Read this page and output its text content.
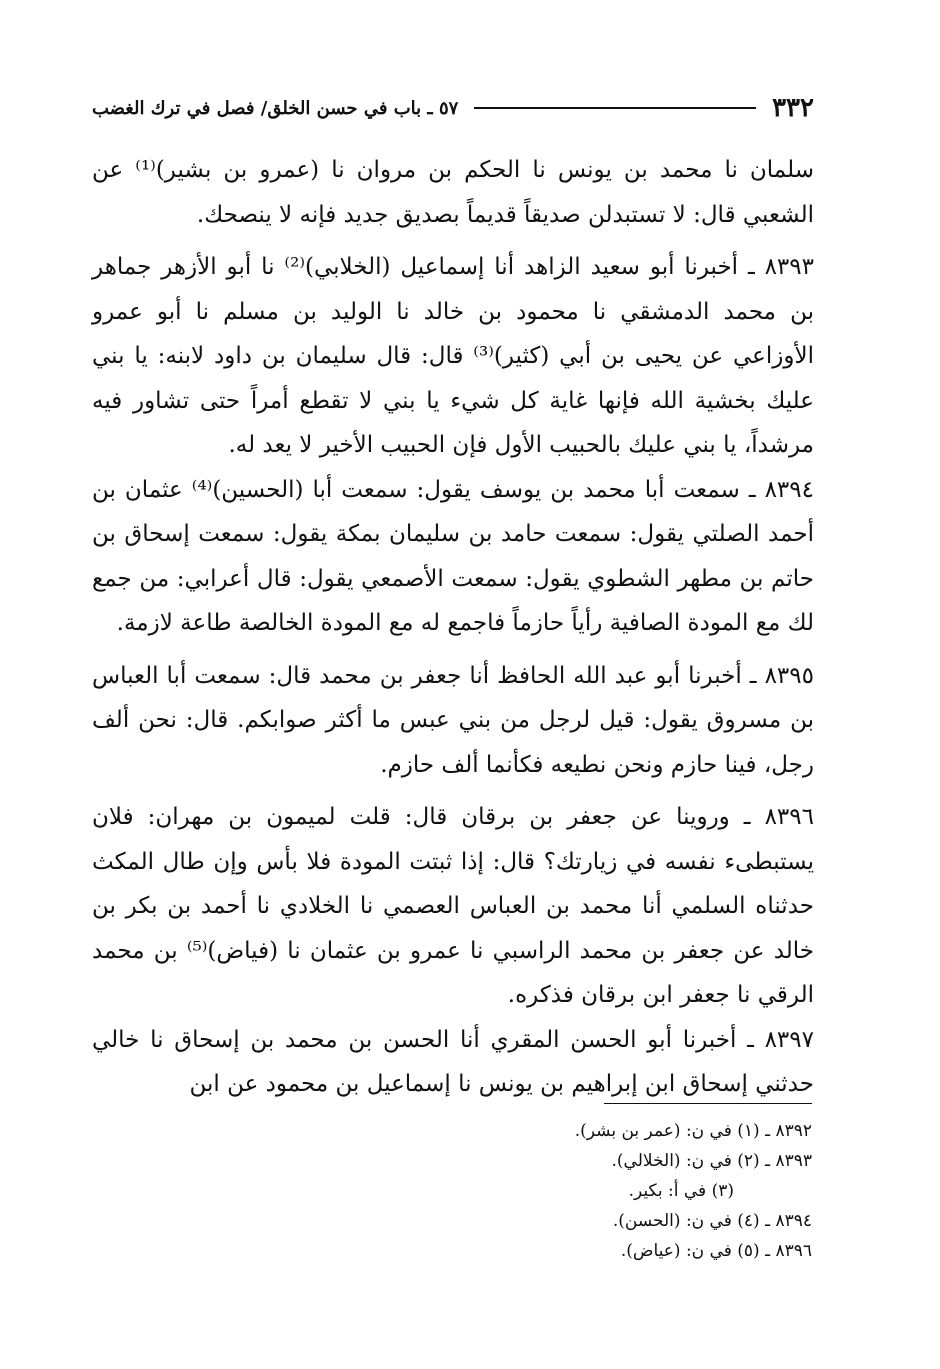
٣٣٢
٥٧ ـ باب في حسن الخلق/ فصل في ترك الغضب

سلمان نا محمد بن يونس نا الحكم بن مروان نا (عمرو بن بشير)⁽¹⁾ عن الشعبي قال: لا تستبدلن صديقاً قديماً بصديق جديد فإنه لا ينصحك.

٨٣٩٣ ـ أخبرنا أبو سعيد الزاهد أنا إسماعيل (الخلابي)⁽²⁾ نا أبو الأزهر جماهر بن محمد الدمشقي نا محمود بن خالد نا الوليد بن مسلم نا أبو عمرو الأوزاعي عن يحيى بن أبي (كثير)⁽³⁾ قال: قال سليمان بن داود لابنه: يا بني عليك بخشية الله فإنها غاية كل شيء يا بني لا تقطع أمراً حتى تشاور فيه مرشداً، يا بني عليك بالحبيب الأول فإن الحبيب الأخير لا يعد له.

٨٣٩٤ ـ سمعت أبا محمد بن يوسف يقول: سمعت أبا (الحسين)⁽⁴⁾ عثمان بن أحمد الصلتي يقول: سمعت حامد بن سليمان بمكة يقول: سمعت إسحاق بن حاتم بن مطهر الشطوي يقول: سمعت الأصمعي يقول: قال أعرابي: من جمع لك مع المودة الصافية رأياً حازماً فاجمع له مع المودة الخالصة طاعة لازمة.

٨٣٩٥ ـ أخبرنا أبو عبد الله الحافظ أنا جعفر بن محمد قال: سمعت أبا العباس بن مسروق يقول: قيل لرجل من بني عبس ما أكثر صوابكم. قال: نحن ألف رجل، فينا حازم ونحن نطيعه فكأنما ألف حازم.

٨٣٩٦ ـ وروينا عن جعفر بن برقان قال: قلت لميمون بن مهران: فلان يستبطىء نفسه في زيارتك؟ قال: إذا ثبتت المودة فلا بأس وإن طال المكث حدثناه السلمي أنا محمد بن العباس العصمي نا الخلادي نا أحمد بن بكر بن خالد عن جعفر بن محمد الراسبي نا عمرو بن عثمان نا (فياض)⁽⁵⁾ بن محمد الرقي نا جعفر ابن برقان فذكره.

٨٣٩٧ ـ أخبرنا أبو الحسن المقري أنا الحسن بن محمد بن إسحاق نا خالي حدثني إسحاق ابن إبراهيم بن يونس نا إسماعيل بن محمود عن ابن

٨٣٩٢ ـ (١) في ن: (عمر بن بشر).
٨٣٩٣ ـ (٢) في ن: (الخلالي).
(٣) في أ: بكير.
٨٣٩٤ ـ (٤) في ن: (الحسن).
٨٣٩٦ ـ (٥) في ن: (عياض).
